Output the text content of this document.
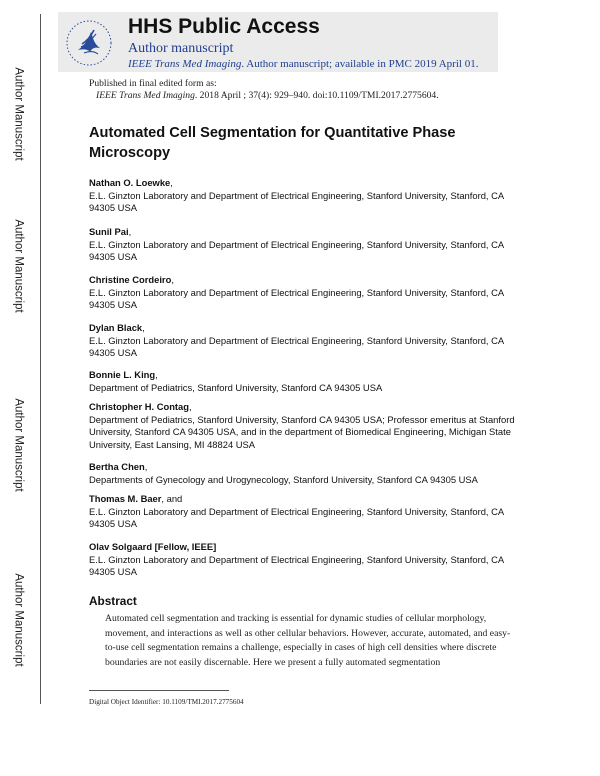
Author Manuscript
Author Manuscript
Author Manuscript
Author Manuscript
HHS Public Access
Author manuscript
IEEE Trans Med Imaging. Author manuscript; available in PMC 2019 April 01.
Published in final edited form as:
IEEE Trans Med Imaging. 2018 April ; 37(4): 929–940. doi:10.1109/TMI.2017.2775604.
Automated Cell Segmentation for Quantitative Phase Microscopy
Nathan O. Loewke,
E.L. Ginzton Laboratory and Department of Electrical Engineering, Stanford University, Stanford, CA 94305 USA
Sunil Pai,
E.L. Ginzton Laboratory and Department of Electrical Engineering, Stanford University, Stanford, CA 94305 USA
Christine Cordeiro,
E.L. Ginzton Laboratory and Department of Electrical Engineering, Stanford University, Stanford, CA 94305 USA
Dylan Black,
E.L. Ginzton Laboratory and Department of Electrical Engineering, Stanford University, Stanford, CA 94305 USA
Bonnie L. King,
Department of Pediatrics, Stanford University, Stanford CA 94305 USA
Christopher H. Contag,
Department of Pediatrics, Stanford University, Stanford CA 94305 USA; Professor emeritus at Stanford University, Stanford CA 94305 USA, and in the department of Biomedical Engineering, Michigan State University, East Lansing, MI 48824 USA
Bertha Chen,
Departments of Gynecology and Urogynecology, Stanford University, Stanford CA 94305 USA
Thomas M. Baer, and
E.L. Ginzton Laboratory and Department of Electrical Engineering, Stanford University, Stanford, CA 94305 USA
Olav Solgaard [Fellow, IEEE]
E.L. Ginzton Laboratory and Department of Electrical Engineering, Stanford University, Stanford, CA 94305 USA
Abstract
Automated cell segmentation and tracking is essential for dynamic studies of cellular morphology, movement, and interactions as well as other cellular behaviors. However, accurate, automated, and easy-to-use cell segmentation remains a challenge, especially in cases of high cell densities where discrete boundaries are not easily discernable. Here we present a fully automated segmentation
Digital Object Identifier: 10.1109/TMI.2017.2775604
